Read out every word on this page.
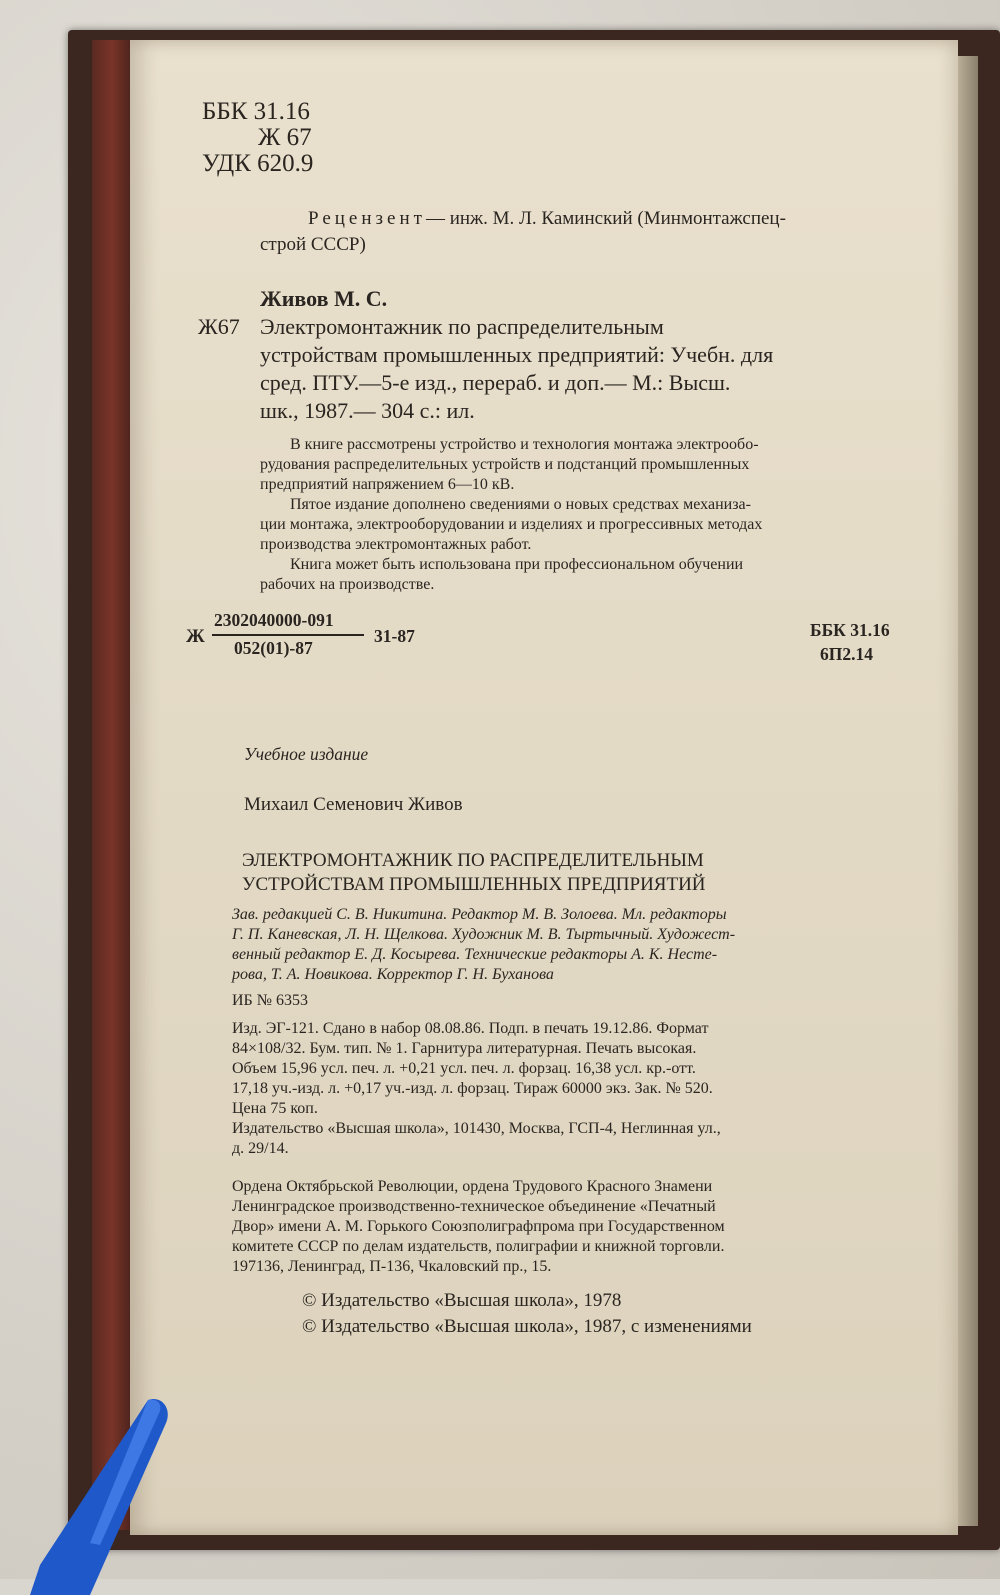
ББК 31.16
Ж 67
УДК 620.9
Рецензент— инж. М. Л. Каминский (Минмонтажспец-
строй СССР)
Живов М. С.
Ж67 Электромонтажник по распределительным
устройствам промышленных предприятий: Учебн. для
сред. ПТУ.—5-е изд., перераб. и доп.— М.: Высш.
шк., 1987.— 304 с.: ил.
В книге рассмотрены устройство и технология монтажа электрообо-
рудования распределительных устройств и подстанций промышленных
предприятий напряжением 6—10 кВ.
Пятое издание дополнено сведениями о новых средствах механиза-
ции монтажа, электрооборудовании и изделиях и прогрессивных методах
производства электромонтажных работ.
Книга может быть использована при профессиональном обучении
рабочих на производстве.
Ж
2302040000-091
052(01)-87
31-87	ББК 31.16
6П2.14
Учебное издание
Михаил Семенович Живов
ЭЛЕКТРОМОНТАЖНИК ПО РАСПРЕДЕЛИТЕЛЬНЫМ
УСТРОЙСТВАМ ПРОМЫШЛЕННЫХ ПРЕДПРИЯТИЙ
Зав. редакцией С. В. Никитина. Редактор М. В. Золоева. Мл. редакторы
Г. П. Каневская, Л. Н. Щелкова. Художник М. В. Тыртычный. Художест-
венный редактор Е. Д. Косырева. Технические редакторы А. К. Несте-
рова, Т. А. Новикова. Корректор Г. Н. Буханова
ИБ № 6353
Изд. ЭГ-121. Сдано в набор 08.08.86. Подп. в печать 19.12.86. Формат
84×108/32. Бум. тип. № 1. Гарнитура литературная. Печать высокая.
Объем 15,96 усл. печ. л. +0,21 усл. печ. л. форзац. 16,38 усл. кр.-отт.
17,18 уч.-изд. л. +0,17 уч.-изд. л. форзац. Тираж 60000 экз. Зак. № 520.
Цена 75 коп.
Издательство «Высшая школа», 101430, Москва, ГСП-4, Неглинная ул.,
д. 29/14.
Ордена Октябрьской Революции, ордена Трудового Красного Знамени
Ленинградское производственно-техническое объединение «Печатный
Двор» имени А. М. Горького Союзполиграфпрома при Государственном
комитете СССР по делам издательств, полиграфии и книжной торговли.
197136, Ленинград, П-136, Чкаловский пр., 15.
© Издательство «Высшая школа», 1978
© Издательство «Высшая школа», 1987, с изменениями
